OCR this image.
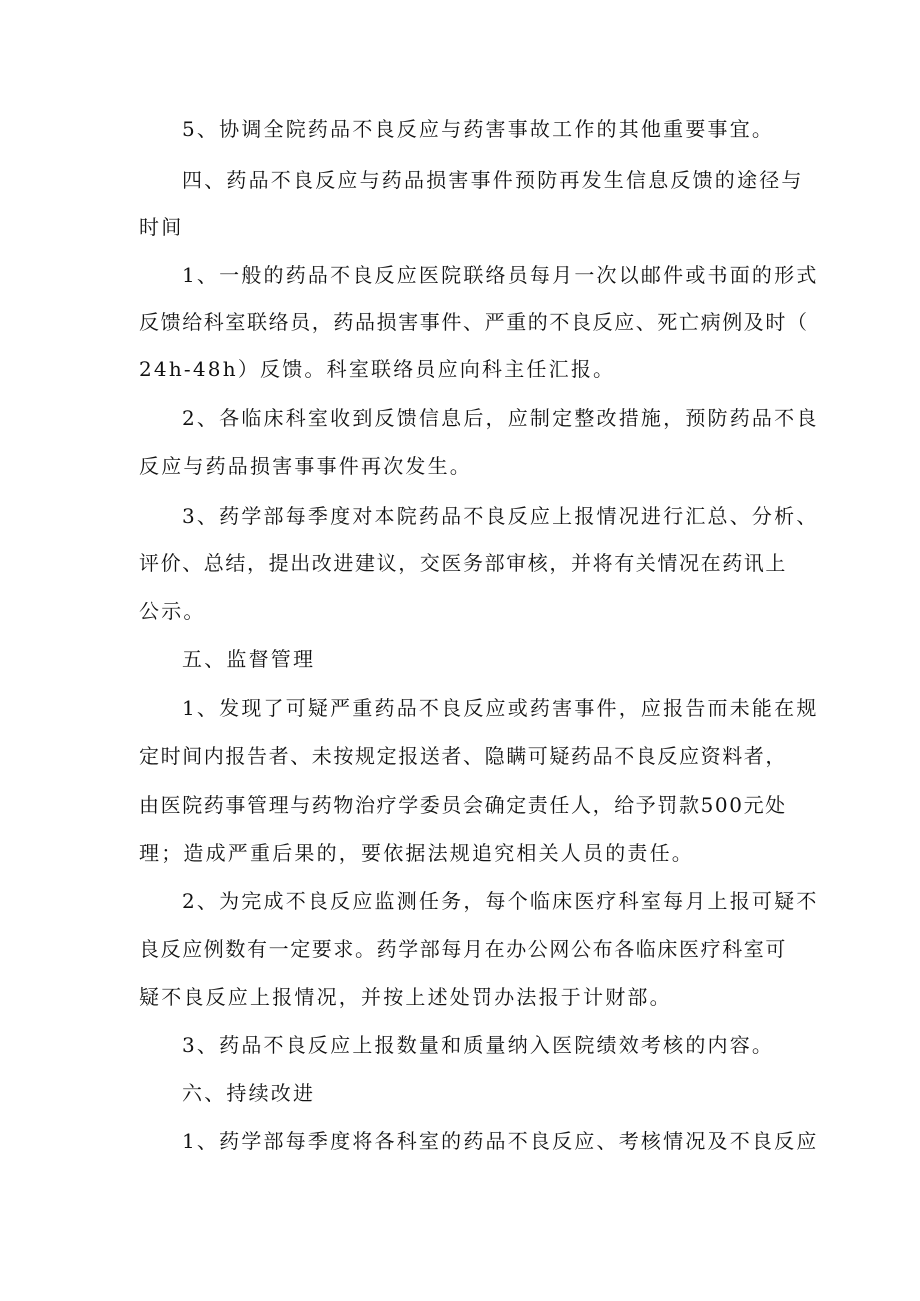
5、协调全院药品不良反应与药害事故工作的其他重要事宜。
四、药品不良反应与药品损害事件预防再发生信息反馈的途径与
时间
1、一般的药品不良反应医院联络员每月一次以邮件或书面的形式
反馈给科室联络员，药品损害事件、严重的不良反应、死亡病例及时（
24h-48h）反馈。科室联络员应向科主任汇报。
2、各临床科室收到反馈信息后，应制定整改措施，预防药品不良
反应与药品损害事事件再次发生。
3、药学部每季度对本院药品不良反应上报情况进行汇总、分析、
评价、总结，提出改进建议，交医务部审核，并将有关情况在药讯上
公示。
五、监督管理
1、发现了可疑严重药品不良反应或药害事件，应报告而未能在规
定时间内报告者、未按规定报送者、隐瞒可疑药品不良反应资料者，
由医院药事管理与药物治疗学委员会确定责任人，给予罚款500元处
理；造成严重后果的，要依据法规追究相关人员的责任。
2、为完成不良反应监测任务，每个临床医疗科室每月上报可疑不
良反应例数有一定要求。药学部每月在办公网公布各临床医疗科室可
疑不良反应上报情况，并按上述处罚办法报于计财部。
3、药品不良反应上报数量和质量纳入医院绩效考核的内容。
六、持续改进
1、药学部每季度将各科室的药品不良反应、考核情况及不良反应
